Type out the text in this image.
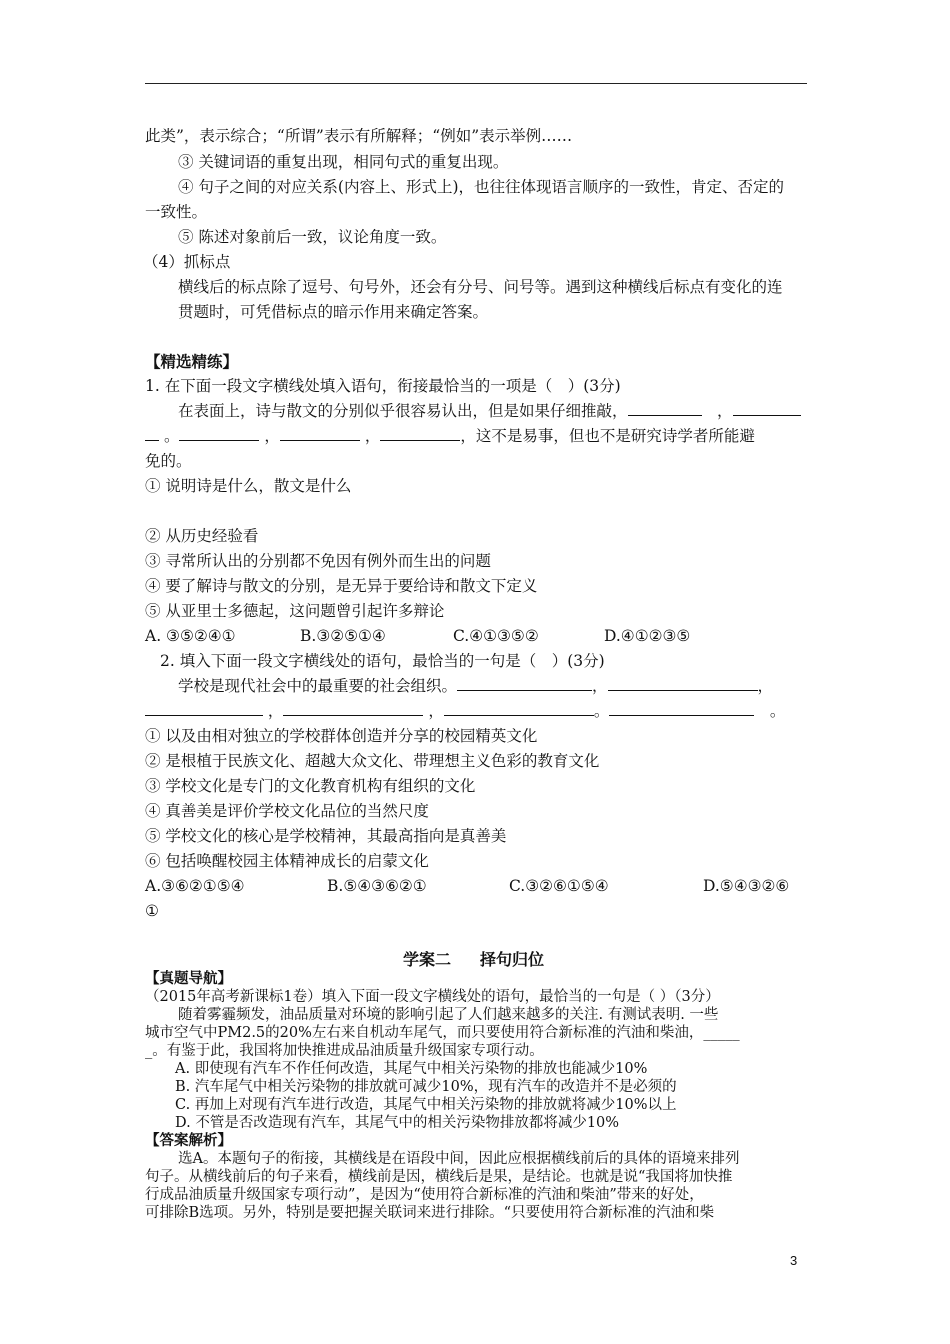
此类”，表示综合；“所谓”表示有所解释；“例如”表示举例……
③ 关键词语的重复出现，相同句式的重复出现。
④ 句子之间的对应关系(内容上、形式上)，也往往体现语言顺序的一致性，肯定、否定的
一致性。
⑤ 陈述对象前后一致，议论角度一致。
（4）抓标点
横线后的标点除了逗号、句号外，还会有分号、问号等。遇到这种横线后标点有变化的连
贯题时，可凭借标点的暗示作用来确定答案。
【精选精练】
1. 在下面一段文字横线处填入语句，衔接最恰当的一项是（　）(3分)
在表面上，诗与散文的分别似乎很容易认出，但是如果仔细推敲，	　，
。	，	，	，这不是易事，但也不是研究诗学者所能避
免的。
① 说明诗是什么，散文是什么
② 从历史经验看
③ 寻常所认出的分别都不免因有例外而生出的问题
④ 要了解诗与散文的分别，是无异于要给诗和散文下定义
⑤ 从亚里士多德起，这问题曾引起许多辩论
A. ③⑤②④①	B.③②⑤①④	C.④①③⑤②	D.④①②③⑤
2. 填入下面一段文字横线处的语句，最恰当的一句是（　）(3分)
学校是现代社会中的最重要的社会组织。	，	，
，	，	。	　。
① 以及由相对独立的学校群体创造并分享的校园精英文化
② 是根植于民族文化、超越大众文化、带理想主义色彩的教育文化
③ 学校文化是专门的文化教育机构有组织的文化
④ 真善美是评价学校文化品位的当然尺度
⑤ 学校文化的核心是学校精神，其最高指向是真善美
⑥ 包括唤醒校园主体精神成长的启蒙文化
A.③⑥②①⑤④	B.⑤④③⑥②①	C.③②⑥①⑤④	D.⑤④③②⑥
①
学案二 择句归位
【真题导航】
（2015年高考新课标1卷）填入下面一段文字横线处的语句，最恰当的一句是（ ）（3分）
随着雾霾频发，油品质量对环境的影响引起了人们越来越多的关注. 有测试表明. 一些
城市空气中PM2.5的20%左右来自机动车尾气，而只要使用符合新标准的汽油和柴油，_____
_。有鉴于此，我国将加快推进成品油质量升级国家专项行动。
A. 即使现有汽车不作任何改造，其尾气中相关污染物的排放也能减少10%
B. 汽车尾气中相关污染物的排放就可减少10%，现有汽车的改造并不是必须的
C. 再加上对现有汽车进行改造，其尾气中相关污染物的排放就将减少10%以上
D. 不管是否改造现有汽车，其尾气中的相关污染物排放都将减少10%
【答案解析】
选A。本题句子的衔接，其横线是在语段中间，因此应根据横线前后的具体的语境来排列
句子。从横线前后的句子来看，横线前是因，横线后是果，是结论。也就是说“我国将加快推
行成品油质量升级国家专项行动”，是因为“使用符合新标准的汽油和柴油”带来的好处，
可排除B选项。另外，特别是要把握关联词来进行排除。“只要使用符合新标准的汽油和柴
3
